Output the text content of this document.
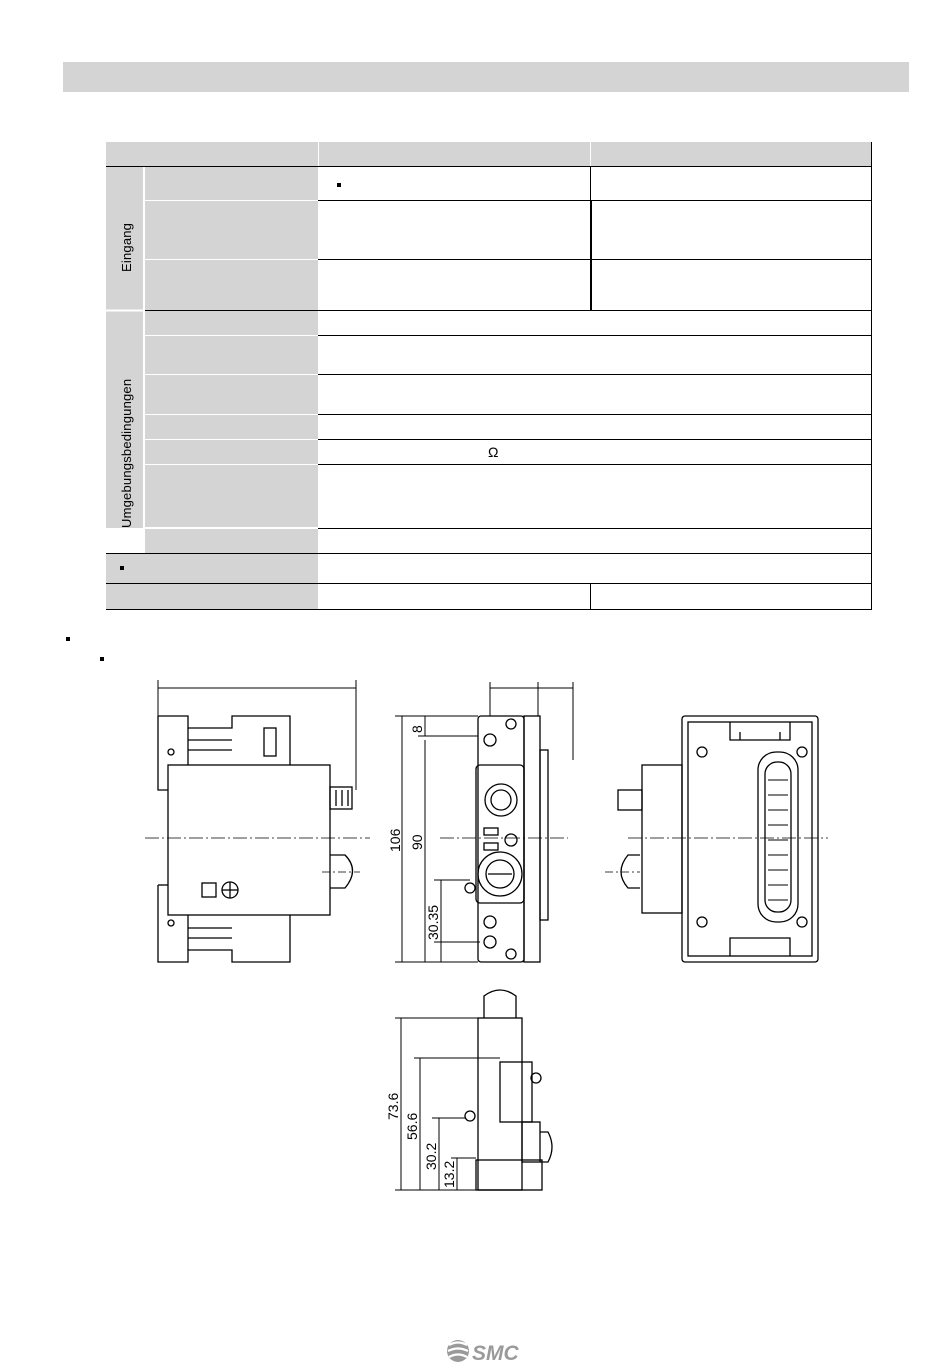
Ω
Eingang
Umgebungsbedingungen
106 90
8
30.35
73.6
56.6
30.2
13.2
SMC
